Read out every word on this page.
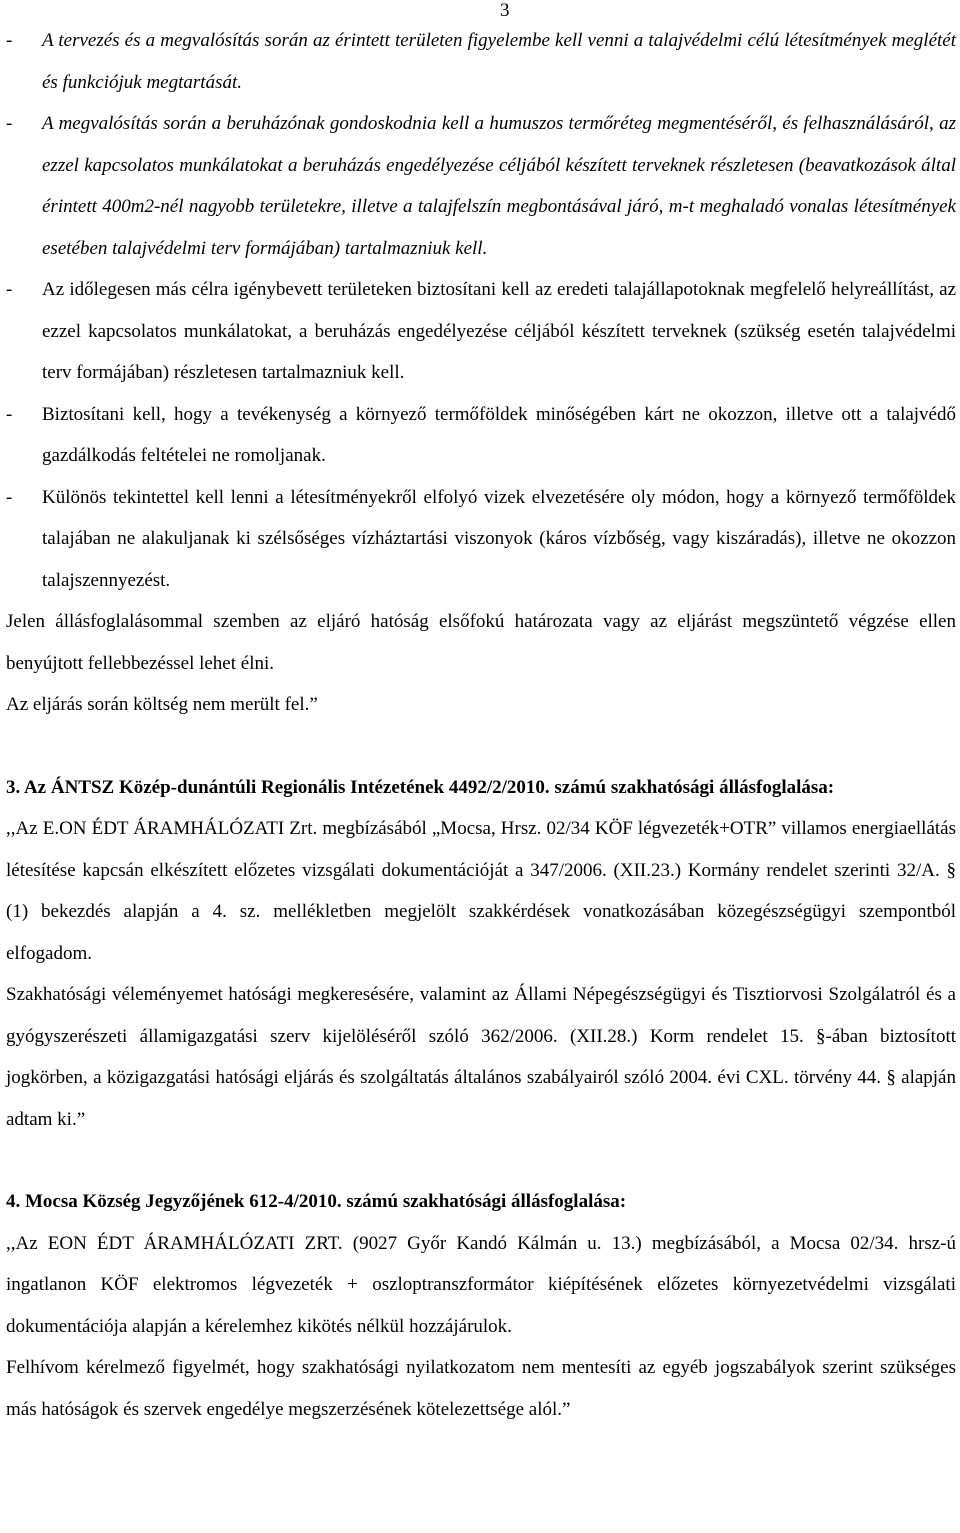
3
-	A tervezés és a megvalósítás során az érintett területen figyelembe kell venni a talajvédelmi célú létesítmények meglétét és funkciójuk megtartását.
-	A megvalósítás során a beruházónak gondoskodnia kell a humuszos termőréteg megmentéséről, és felhasználásáról, az ezzel kapcsolatos munkálatokat a beruházás engedélyezése céljából készített terveknek részletesen (beavatkozások által érintett 400m2-nél nagyobb területekre, illetve a talajfelszín megbontásával járó, m-t meghaladó vonalas létesítmények esetében talajvédelmi terv formájában) tartalmazniuk kell.
-	Az időlegesen más célra igénybevett területeken biztosítani kell az eredeti talajállapotoknak megfelelő helyreállítást, az ezzel kapcsolatos munkálatokat, a beruházás engedélyezése céljából készített terveknek (szükség esetén talajvédelmi terv formájában) részletesen tartalmazniuk kell.
-	Biztosítani kell, hogy a tevékenység a környező termőföldek minőségében kárt ne okozzon, illetve ott a talajvédő gazdálkodás feltételei ne romoljanak.
-	Különös tekintettel kell lenni a létesítményekről elfolyó vizek elvezetésére oly módon, hogy a környező termőföldek talajában ne alakuljanak ki szélsőséges vízháztartási viszonyok (káros vízbőség, vagy kiszáradás), illetve ne okozzon talajszennyezést.
Jelen állásfoglalásommal szemben az eljáró hatóság elsőfokú határozata vagy az eljárást megszüntető végzése ellen benyújtott fellebbezéssel lehet élni.
Az eljárás során költség nem merült fel.”
3. Az ÁNTSZ Közép-dunántúli Regionális Intézetének 4492/2/2010. számú szakhatósági állásfoglalása:
,,Az E.ON ÉDT ÁRAMHÁLÓZATI Zrt. megbízásából „Mocsa, Hrsz. 02/34 KÖF légvezeték+OTR” villamos energiaellátás létesítése kapcsán elkészített előzetes vizsgálati dokumentációját a 347/2006. (XII.23.) Kormány rendelet szerinti 32/A. § (1) bekezdés alapján a 4. sz. mellékletben megjelölt szakkérdések vonatkozásában közegészségügyi szempontból elfogadom.
Szakhatósági véleményemet hatósági megkeresésére, valamint az Állami Népegészségügyi és Tisztiorvosi Szolgálatról és a gyógyszerészeti államigazgatási szerv kijelöléséről szóló 362/2006. (XII.28.) Korm rendelet 15. §-ában biztosított jogkörben, a közigazgatási hatósági eljárás és szolgáltatás általános szabályairól szóló 2004. évi CXL. törvény 44. § alapján adtam ki.”
4. Mocsa Község Jegyzőjének 612-4/2010. számú szakhatósági állásfoglalása:
,,Az EON ÉDT ÁRAMHÁLÓZATI ZRT. (9027 Győr Kandó Kálmán u. 13.) megbízásából, a Mocsa 02/34. hrsz-ú ingatlanon KÖF elektromos légvezeték + oszloptranszformátor kiépítésének előzetes környezetvédelmi vizsgálati dokumentációja alapján a kérelemhez kikötés nélkül hozzájárulok.
Felhívom kérelmező figyelmét, hogy szakhatósági nyilatkozatom nem mentesíti az egyéb jogszabályok szerint szükséges más hatóságok és szervek engedélye megszerzésének kötelezettsége alól.”
